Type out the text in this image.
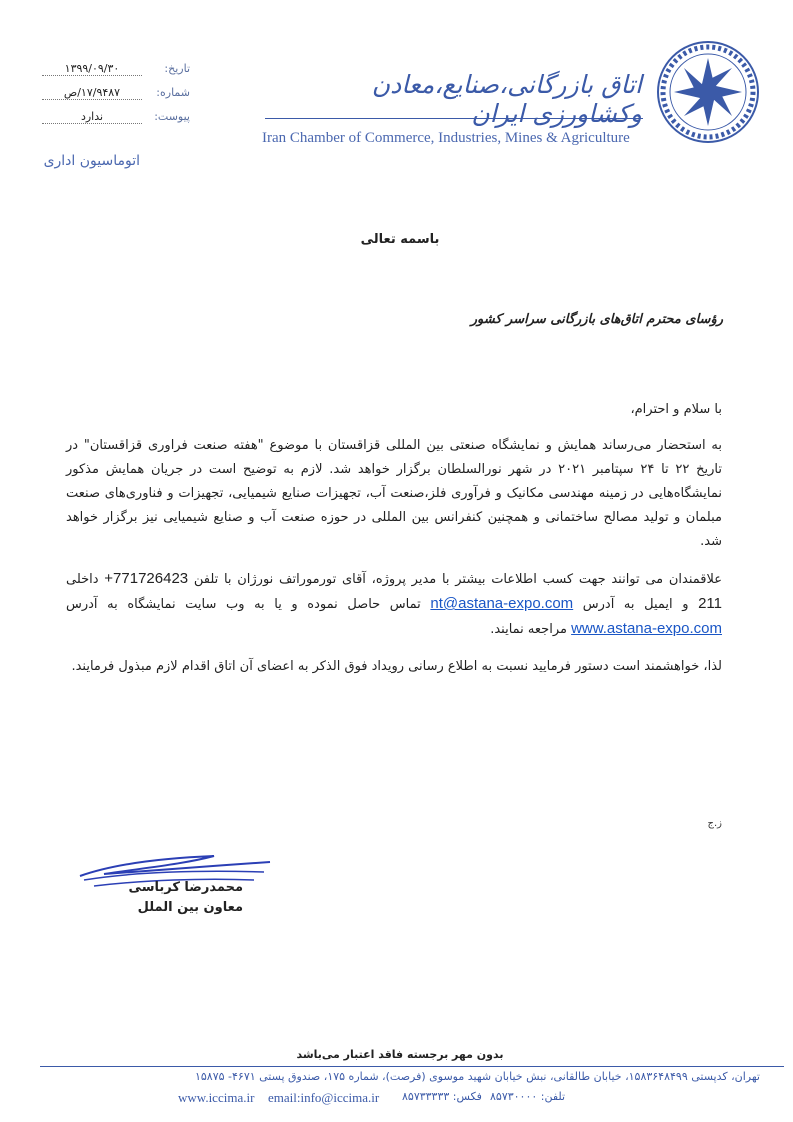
اتاق بازرگانی،صنایع،معادن وکشاورزی ایران
Iran Chamber of Commerce, Industries, Mines & Agriculture
تاریخ:
۱۳۹۹/۰۹/۳۰
شماره:
۱۷/۹۴۸۷/ص
پیوست:
ندارد
اتوماسیون اداری
باسمه تعالی
رؤسای محترم اتاق‌های بازرگانی سراسر کشور

با سلام و احترام،

به استحضار می‌رساند همایش و نمایشگاه صنعتی بین المللی قزاقستان با موضوع "هفته صنعت فراوری قزاقستان" در تاریخ ۲۲ تا ۲۴ سپتامبر ۲۰۲۱ در شهر نورالسلطان برگزار خواهد شد. لازم به توضیح است در جریان همایش مذکور نمایشگاه‌هایی در زمینه مهندسی مکانیک و فرآوری فلز،صنعت آب، تجهیزات صنایع شیمیایی، تجهیزات و فناوری‌های صنعت مبلمان و تولید مصالح ساختمانی و همچنین کنفرانس بین المللی در حوزه صنعت آب و صنایع شیمیایی نیز برگزار خواهد شد.

علاقمندان می توانند جهت کسب اطلاعات بیشتر با مدیر پروژه، آقای تورموراتف نورژان با تلفن +771726423 داخلی 211 و ایمیل به آدرس nt@astana-expo.com تماس حاصل نموده و یا به وب سایت نمایشگاه به آدرس www.astana-expo.com مراجعه نمایند.

لذا، خواهشمند است دستور فرمایید نسبت به اطلاع رسانی رویداد فوق الذکر به اعضای آن اتاق اقدام لازم مبذول فرمایند.

ز.ج
محمدرضا کرباسی
معاون بین الملل
بدون مهر برجسته فاقد اعتبار می‌باشد
تهران، کدپستی ۱۵۸۳۶۴۸۴۹۹، خیابان طالقانی، نبش خیابان شهید موسوی (فرصت)، شماره ۱۷۵، صندوق پستی ۴۶۷۱- ۱۵۸۷۵
www.iccima.ir email:info@iccima.ir فکس: ۸۵۷۳۳۳۳۳ تلفن: ۸۵۷۳۰۰۰۰
